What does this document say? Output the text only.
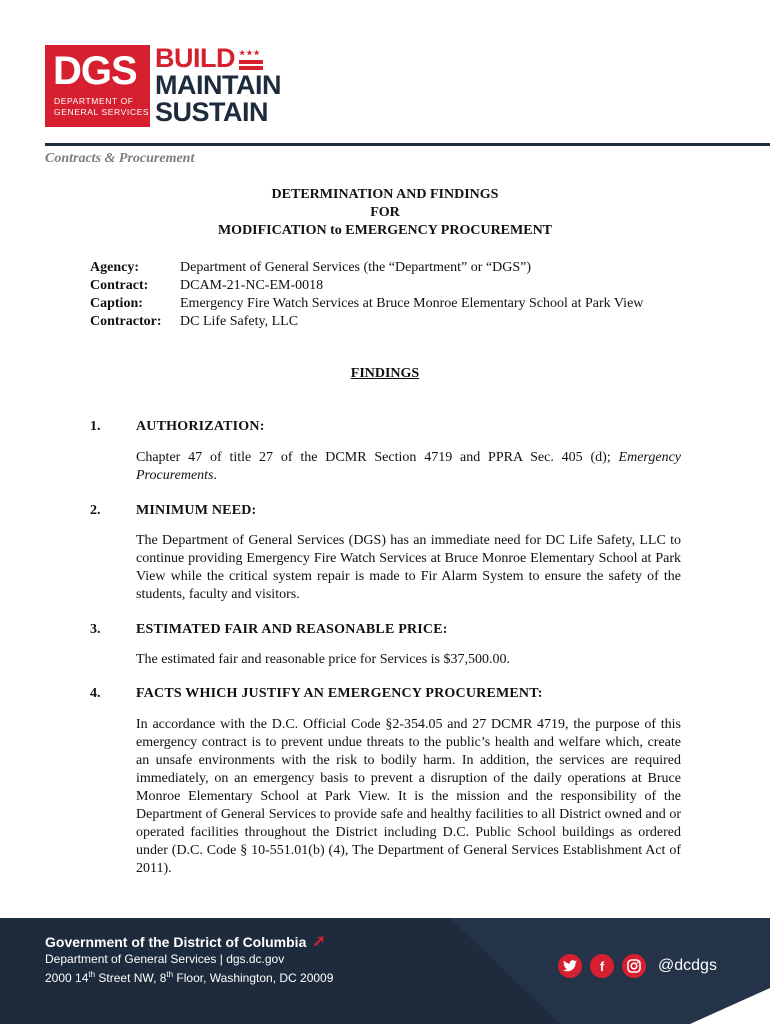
DGS
DEPARTMENT OF
GENERAL SERVICES
BUILD ★★★
MAINTAIN
SUSTAIN
Contracts & Procurement
DETERMINATION AND FINDINGS
FOR
MODIFICATION to EMERGENCY PROCUREMENT
Agency:	Department of General Services (the “Department” or “DGS”)
Contract:	DCAM-21-NC-EM-0018
Caption:	Emergency Fire Watch Services at Bruce Monroe Elementary School at Park View
Contractor:	DC Life Safety, LLC
FINDINGS
1.	AUTHORIZATION:
Chapter 47 of title 27 of the DCMR Section 4719 and PPRA Sec. 405 (d); Emergency Procurements.
2.	MINIMUM NEED:
The Department of General Services (DGS) has an immediate need for DC Life Safety, LLC to continue providing Emergency Fire Watch Services at Bruce Monroe Elementary School at Park View while the critical system repair is made to Fir Alarm System to ensure the safety of the students, faculty and visitors.
3.	ESTIMATED FAIR AND REASONABLE PRICE:
The estimated fair and reasonable price for Services is $37,500.00.
4.	FACTS WHICH JUSTIFY AN EMERGENCY PROCUREMENT:
In accordance with the D.C. Official Code §2-354.05 and 27 DCMR 4719, the purpose of this emergency contract is to prevent undue threats to the public’s health and welfare which, create an unsafe environments with the risk to bodily harm. In addition, the services are required immediately, on an emergency basis to prevent a disruption of the daily operations at Bruce Monroe Elementary School at Park View. It is the mission and the responsibility of the Department of General Services to provide safe and healthy facilities to all District owned and or operated facilities throughout the District including D.C. Public School buildings as ordered under (D.C. Code § 10-551.01(b) (4), The Department of General Services Establishment Act of 2011).
Government of the District of Columbia ➚
Department of General Services | dgs.dc.gov
2000 14th Street NW, 8th Floor, Washington, DC 20009
f	@dcdgs
